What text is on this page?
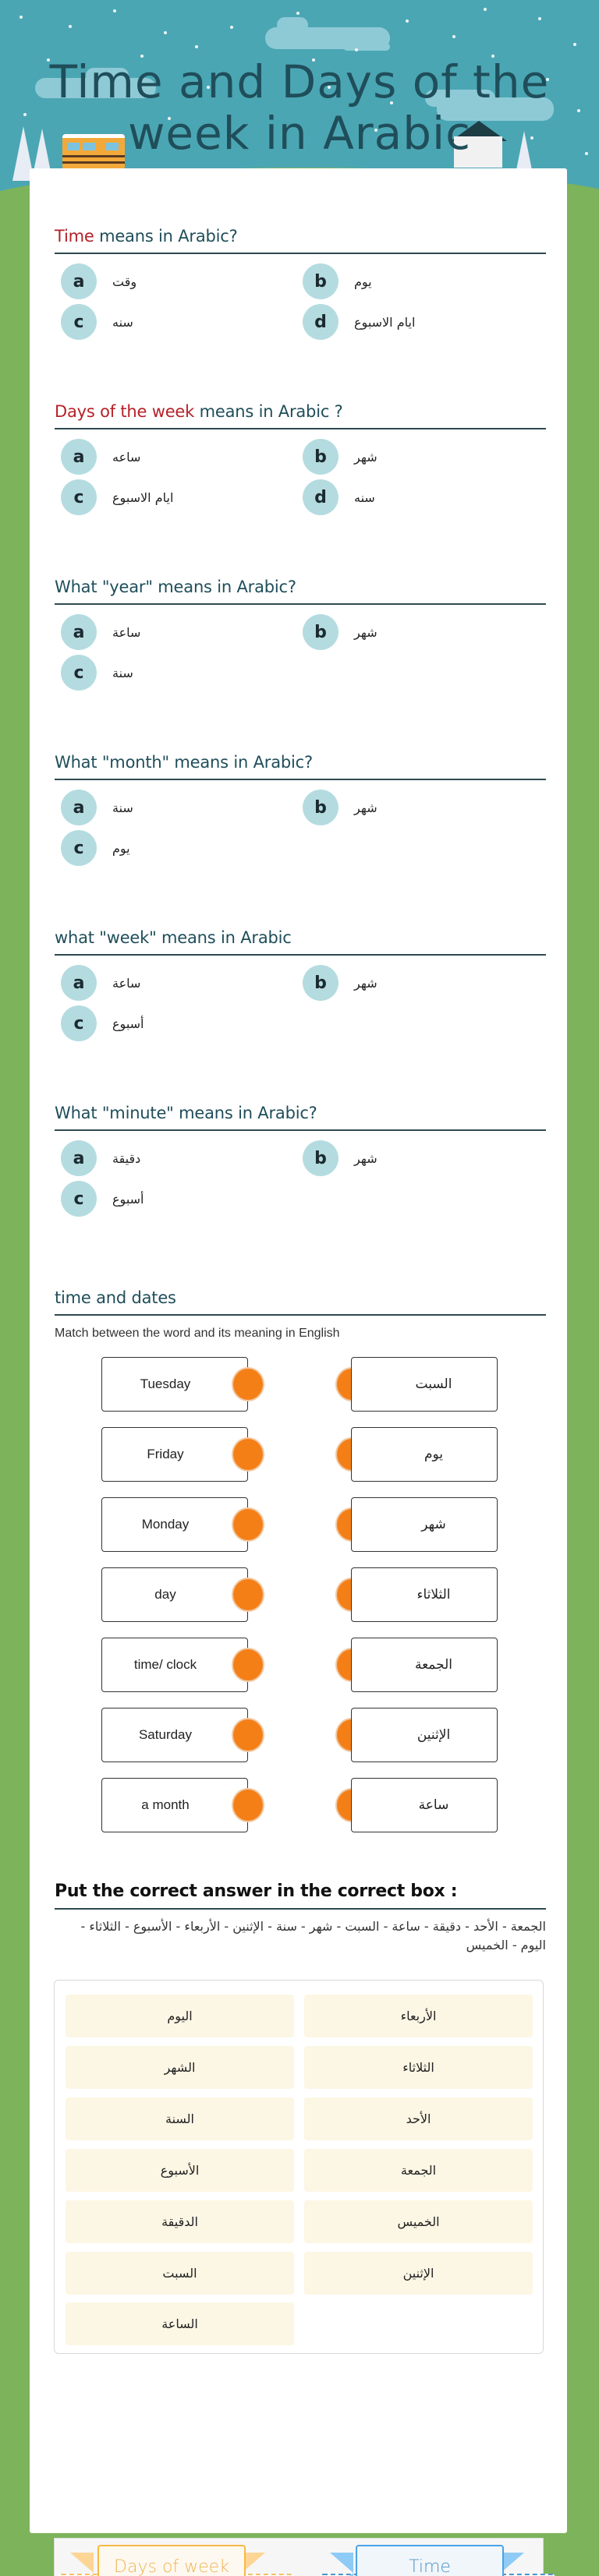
Time and Days of the week in Arabic
Time means in Arabic?
a	وقت	b	يوم
c	سنه	d	ايام الاسبوع
Days of the week means in Arabic ?
a	ساعه	b	شهر
c	ايام الاسبوع	d	سنه
What "year" means in Arabic?
a	ساعة	b	شهر
c	سنة
What "month" means in Arabic?
a	سنة	b	شهر
c	يوم
what "week" means in Arabic
a	ساعة	b	شهر
c	أسبوع
What "minute" means in Arabic?
a	دقيقة	b	شهر
c	أسبوع
time and dates
Match between the word and its meaning in English
Tuesday	السبت
Friday	يوم
Monday	شهر
day	الثلاثاء
time/ clock	الجمعة
Saturday	الإثنين
a month	ساعة
Put the correct answer in the correct box :
الجمعة - الأحد - دقيقة - ساعة - السبت - شهر - سنة - الإثنين - الأربعاء - الأسبوع - الثلاثاء - اليوم - الخميس
الأربعاء
اليوم
الثلاثاء
الشهر
الأحد
السنة
الجمعة
الأسبوع
الخميس
الدقيقة
الإثنين
السبت
الساعة
Days of week	Time
